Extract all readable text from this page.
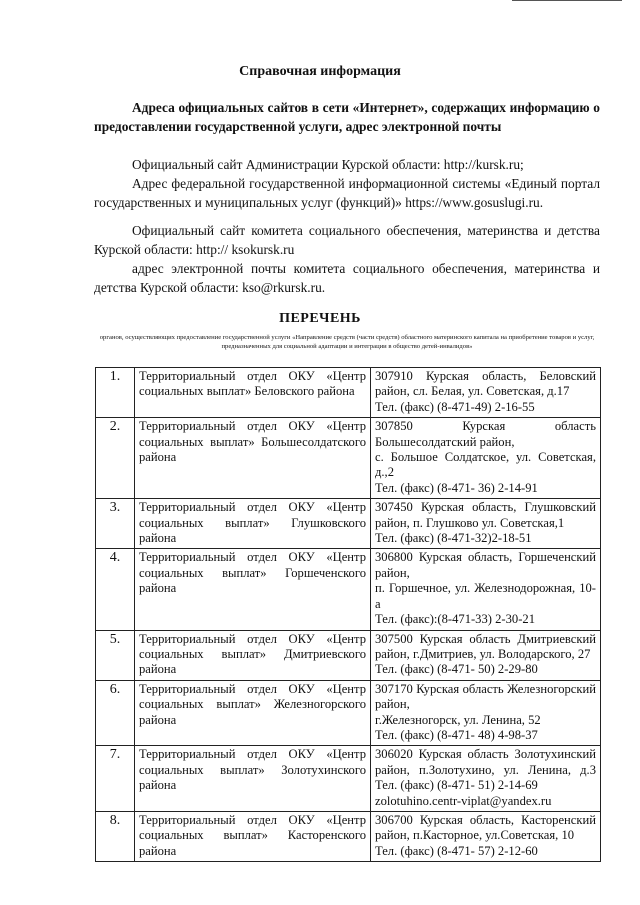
Справочная информация
Адреса официальных сайтов в сети «Интернет», содержащих информацию о предоставлении государственной услуги, адрес электронной почты
Официальный сайт Администрации Курской области: http://kursk.ru;
Адрес федеральной государственной информационной системы «Единый портал государственных и муниципальных услуг (функций)» https://www.gosuslugi.ru.
Официальный сайт комитета социального обеспечения, материнства и детства Курской области: http:// ksokursk.ru
адрес электронной почты комитета социального обеспечения, материнства и детства Курской области: kso@rkursk.ru.
ПЕРЕЧЕНЬ
органов, осуществляющих предоставление государственной услуги «Направление средств (части средств) областного материнского капитала на приобретение товаров и услуг, предназначенных для социальной адаптации и интеграции в общество детей-инвалидов»
1.	Территориальный отдел ОКУ «Центр социальных выплат» Беловского района	307910 Курская область, Беловский район, сл. Белая, ул. Советская, д.17
Тел. (факс) (8-471-49) 2-16-55

2.	Территориальный отдел ОКУ «Центр социальных выплат» Большесолдатского района	307850 Курская область Большесолдатский район,
с. Большое Солдатское, ул. Советская, д.,2
Тел. (факс) (8-471- 36) 2-14-91

3.	Территориальный отдел ОКУ «Центр социальных выплат» Глушковского района	307450 Курская область, Глушковский район, п. Глушково ул. Советская,1
Тел. (факс) (8-471-32)2-18-51

4.	Территориальный отдел ОКУ «Центр социальных выплат» Горшеченского района	306800 Курская область, Горшеченский район,
п. Горшечное, ул. Железнодорожная, 10-а
Тел. (факс):(8-471-33) 2-30-21

5.	Территориальный отдел ОКУ «Центр социальных выплат» Дмитриевского района	307500 Курская область Дмитриевский район, г.Дмитриев, ул. Володарского, 27
Тел. (факс) (8-471- 50) 2-29-80

6.	Территориальный отдел ОКУ «Центр социальных выплат» Железногорского района	307170 Курская область Железногорский район,
г.Железногорск, ул. Ленина, 52
Тел. (факс) (8-471- 48) 4-98-37

7.	Территориальный отдел ОКУ «Центр социальных выплат» Золотухинского района	306020 Курская область Золотухинский район, п.Золотухино, ул. Ленина, д.3 Тел. (факс) (8-471- 51) 2-14-69
zolotuhino.centr-viplat@yandex.ru

8.	Территориальный отдел ОКУ «Центр социальных выплат» Касторенского района	306700 Курская область, Касторенский район, п.Касторное, ул.Советская, 10
Тел. (факс) (8-471- 57) 2-12-60
